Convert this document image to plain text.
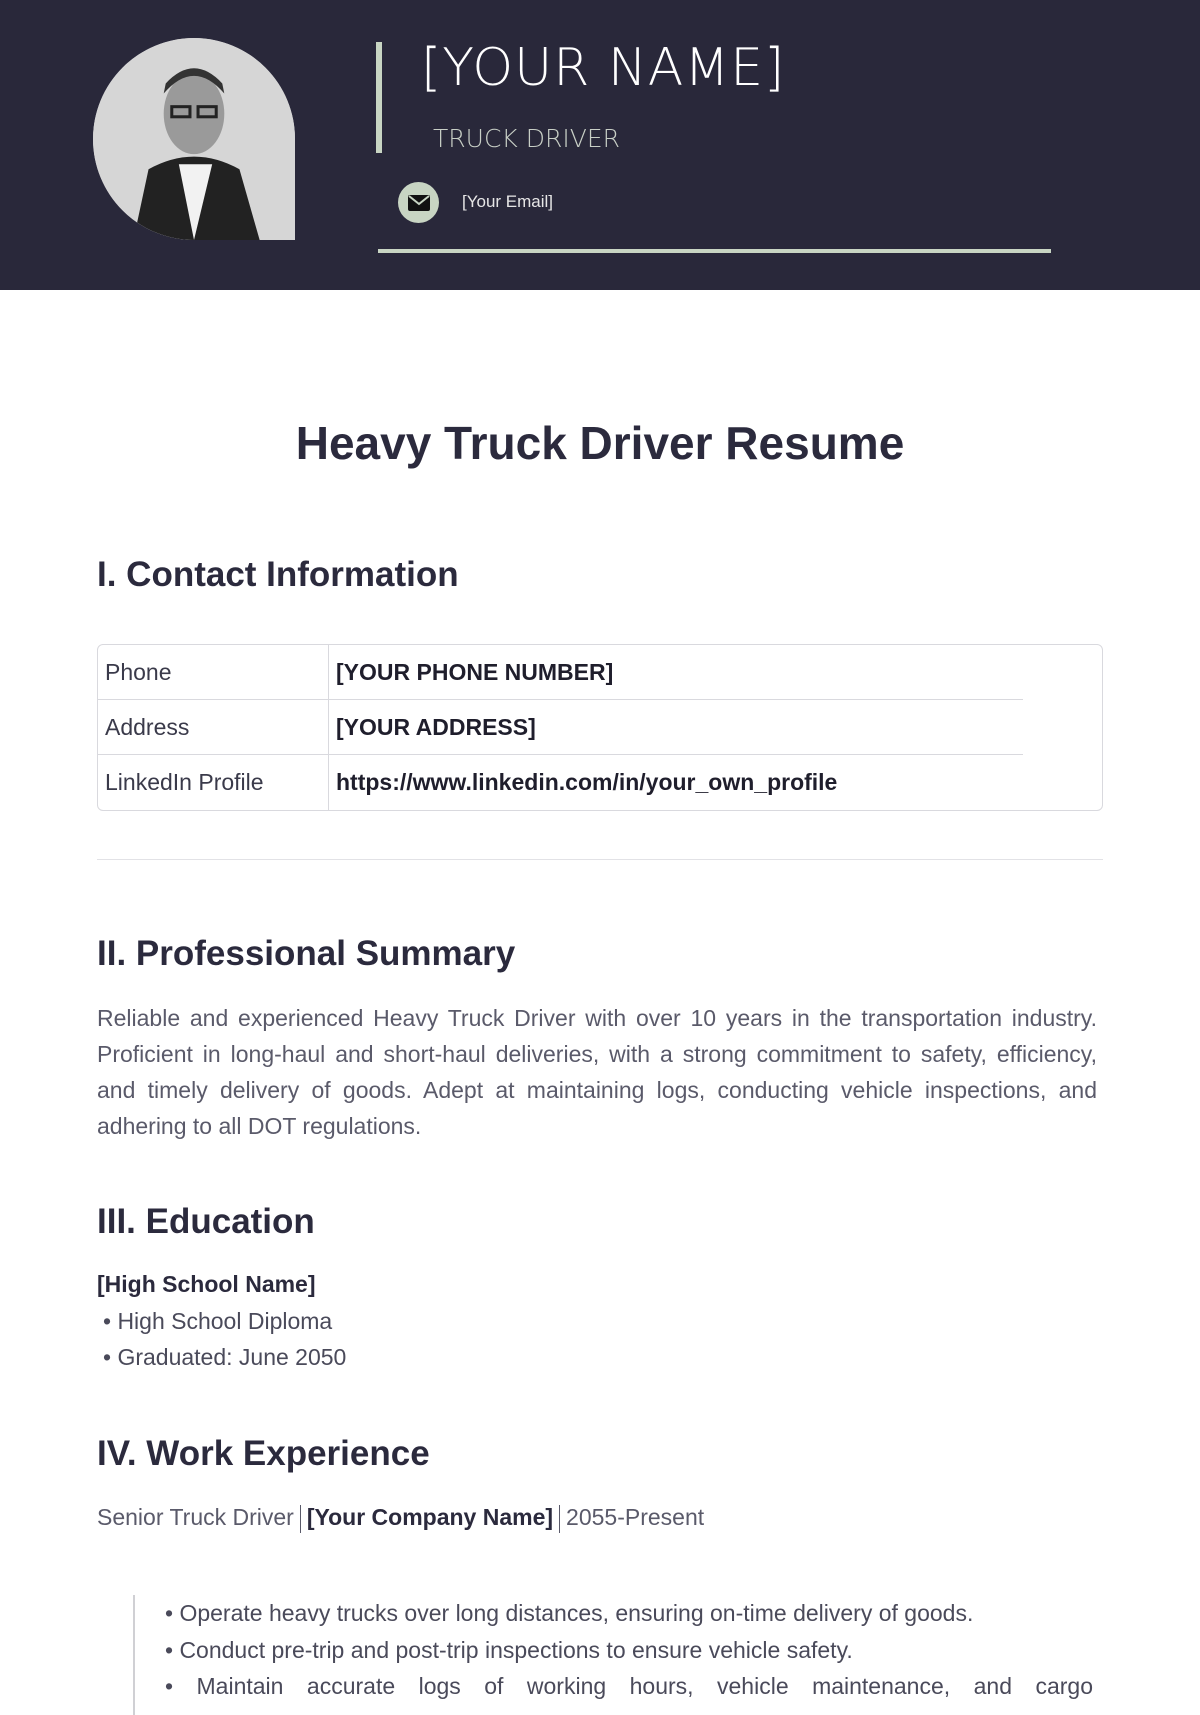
[YOUR NAME]
TRUCK DRIVER
[Your Email]
Heavy Truck Driver Resume
I. Contact Information
Phone	[YOUR PHONE NUMBER]
Address	[YOUR ADDRESS]
LinkedIn Profile	https://www.linkedin.com/in/your_own_profile
II. Professional Summary
Reliable and experienced Heavy Truck Driver with over 10 years in the transportation industry. Proficient in long-haul and short-haul deliveries, with a strong commitment to safety, efficiency, and timely delivery of goods. Adept at maintaining logs, conducting vehicle inspections, and adhering to all DOT regulations.
III. Education
[High School Name]
• High School Diploma
• Graduated: June 2050
IV. Work Experience
Senior Truck Driver [Your Company Name] 2055-Present
• Operate heavy trucks over long distances, ensuring on-time delivery of goods.
• Conduct pre-trip and post-trip inspections to ensure vehicle safety.
• Maintain accurate logs of working hours, vehicle maintenance, and cargo
